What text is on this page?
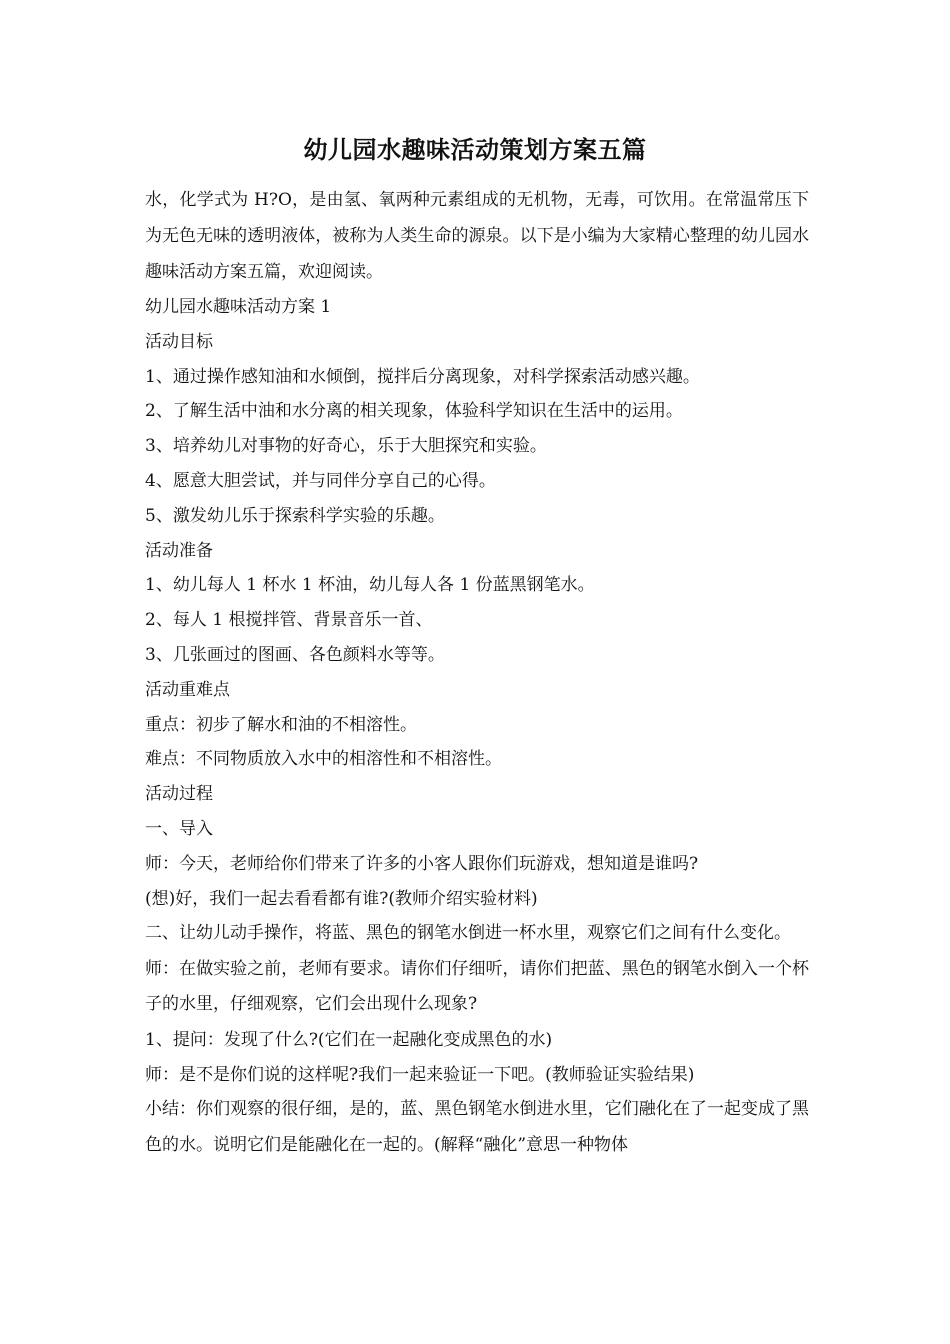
幼儿园水趣味活动策划方案五篇

水，化学式为 H?O，是由氢、氧两种元素组成的无机物，无毒，可饮用。在常温常压下为无色无味的透明液体，被称为人类生命的源泉。以下是小编为大家精心整理的幼儿园水趣味活动方案五篇，欢迎阅读。

幼儿园水趣味活动方案 1

活动目标

1、通过操作感知油和水倾倒，搅拌后分离现象，对科学探索活动感兴趣。

2、了解生活中油和水分离的相关现象，体验科学知识在生活中的运用。

3、培养幼儿对事物的好奇心，乐于大胆探究和实验。

4、愿意大胆尝试，并与同伴分享自己的心得。

5、激发幼儿乐于探索科学实验的乐趣。

活动准备

1、幼儿每人 1 杯水 1 杯油，幼儿每人各 1 份蓝黑钢笔水。

2、每人 1 根搅拌管、背景音乐一首、

3、几张画过的图画、各色颜料水等等。

活动重难点

重点：初步了解水和油的不相溶性。

难点：不同物质放入水中的相溶性和不相溶性。

活动过程

一、导入

师：今天，老师给你们带来了许多的小客人跟你们玩游戏，想知道是谁吗?

(想)好，我们一起去看看都有谁?(教师介绍实验材料)

二、让幼儿动手操作，将蓝、黑色的钢笔水倒进一杯水里，观察它们之间有什么变化。

师：在做实验之前，老师有要求。请你们仔细听，请你们把蓝、黑色的钢笔水倒入一个杯子的水里，仔细观察，它们会出现什么现象?

1、提问：发现了什么?(它们在一起融化变成黑色的水)

师：是不是你们说的这样呢?我们一起来验证一下吧。(教师验证实验结果)

小结：你们观察的很仔细，是的，蓝、黑色钢笔水倒进水里，它们融化在了一起变成了黑色的水。说明它们是能融化在一起的。(解释“融化”意思一种物体
